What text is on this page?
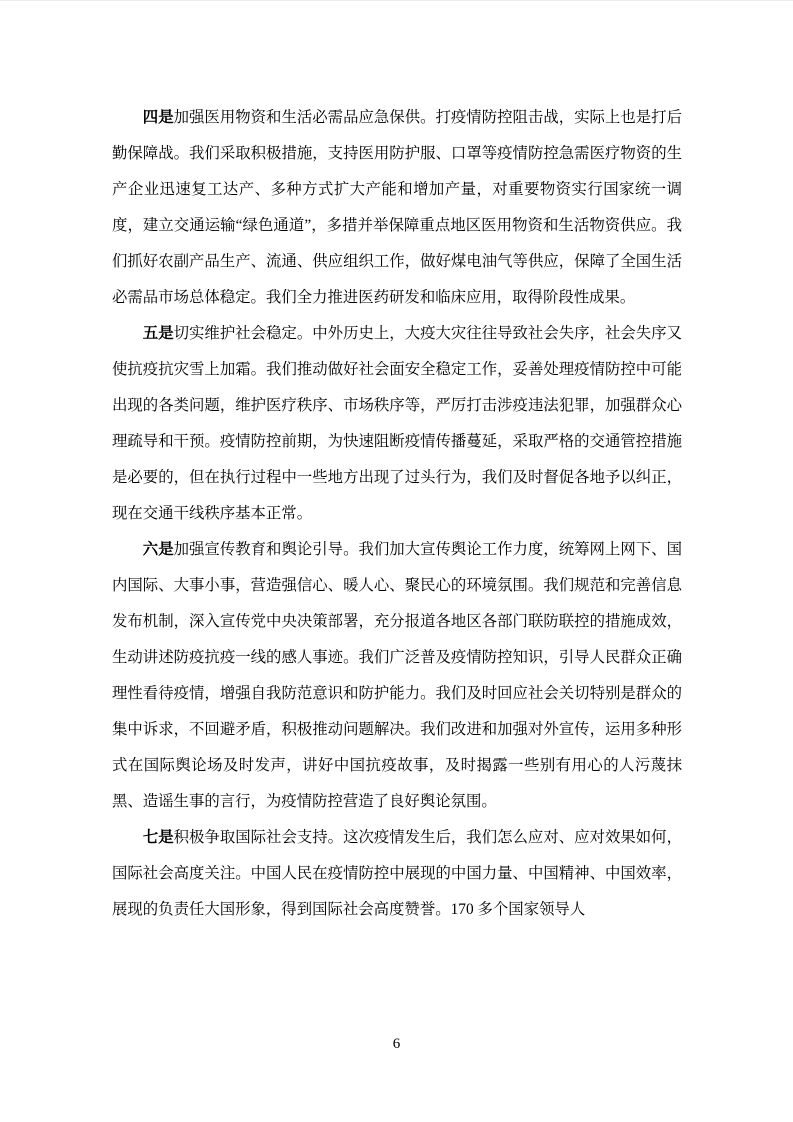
四是加强医用物资和生活必需品应急保供。打疫情防控阻击战，实际上也是打后勤保障战。我们采取积极措施，支持医用防护服、口罩等疫情防控急需医疗物资的生产企业迅速复工达产、多种方式扩大产能和增加产量，对重要物资实行国家统一调度，建立交通运输“绿色通道”，多措并举保障重点地区医用物资和生活物资供应。我们抓好农副产品生产、流通、供应组织工作，做好煤电油气等供应，保障了全国生活必需品市场总体稳定。我们全力推进医药研发和临床应用，取得阶段性成果。

五是切实维护社会稳定。中外历史上，大疫大灾往往导致社会失序，社会失序又使抗疫抗灾雪上加霜。我们推动做好社会面安全稳定工作，妥善处理疫情防控中可能出现的各类问题，维护医疗秩序、市场秩序等，严厉打击涉疫违法犯罪，加强群众心理疏导和干预。疫情防控前期，为快速阻断疫情传播蔓延，采取严格的交通管控措施是必要的，但在执行过程中一些地方出现了过头行为，我们及时督促各地予以纠正，现在交通干线秩序基本正常。

六是加强宣传教育和舆论引导。我们加大宣传舆论工作力度，统筹网上网下、国内国际、大事小事，营造强信心、暖人心、聚民心的环境氛围。我们规范和完善信息发布机制，深入宣传党中央决策部署，充分报道各地区各部门联防联控的措施成效，生动讲述防疫抗疫一线的感人事迹。我们广泛普及疫情防控知识，引导人民群众正确理性看待疫情，增强自我防范意识和防护能力。我们及时回应社会关切特别是群众的集中诉求，不回避矛盾，积极推动问题解决。我们改进和加强对外宣传，运用多种形式在国际舆论场及时发声，讲好中国抗疫故事，及时揭露一些别有用心的人污蔑抹黑、造谣生事的言行，为疫情防控营造了良好舆论氛围。

七是积极争取国际社会支持。这次疫情发生后，我们怎么应对、应对效果如何，国际社会高度关注。中国人民在疫情防控中展现的中国力量、中国精神、中国效率，展现的负责任大国形象，得到国际社会高度赞誉。170 多个国家领导人

6
